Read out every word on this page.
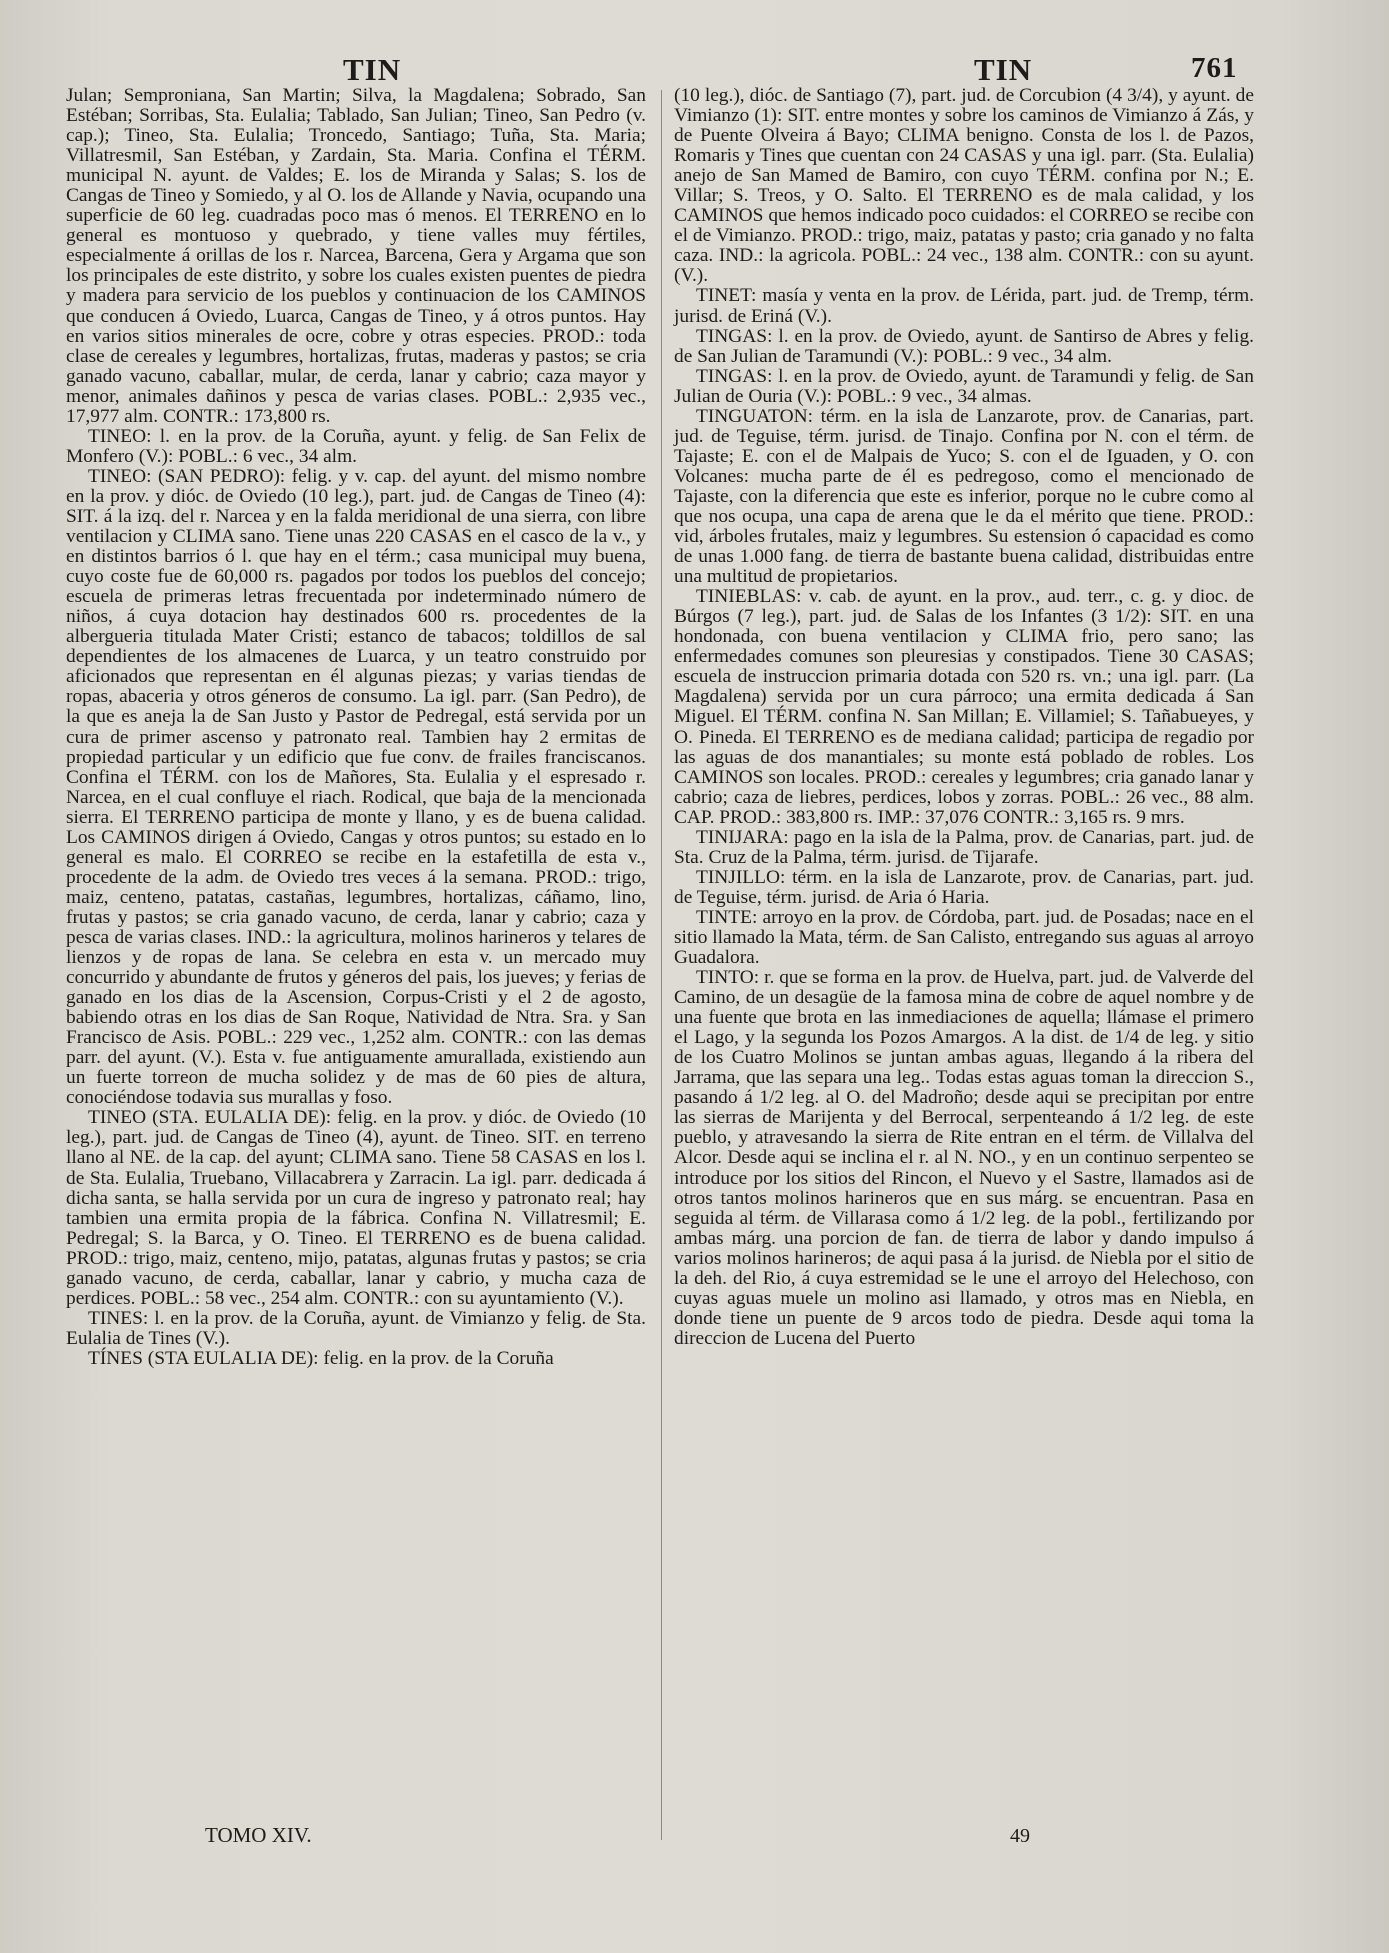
TIN	TIN	761

Julan; Semproniana, San Martin; Silva, la Magdalena; Sobrado, San Estéban; Sorribas, Sta. Eulalia; Tablado, San Julian; Tineo, San Pedro (v. cap.); Tineo, Sta. Eulalia; Troncedo, Santiago; Tuña, Sta. Maria; Villatresmil, San Estéban, y Zardain, Sta. Maria. Confina el TÉRM. municipal N. ayunt. de Valdes; E. los de Miranda y Salas; S. los de Cangas de Tineo y Somiedo, y al O. los de Allande y Navia, ocupando una superficie de 60 leg. cuadradas poco mas ó menos. El TERRENO en lo general es montuoso y quebrado, y tiene valles muy fértiles, especialmente á orillas de los r. Narcea, Barcena, Gera y Argama que son los principales de este distrito, y sobre los cuales existen puentes de piedra y madera para servicio de los pueblos y continuacion de los CAMINOS que conducen á Oviedo, Luarca, Cangas de Tineo, y á otros puntos. Hay en varios sitios minerales de ocre, cobre y otras especies. PROD.: toda clase de cereales y legumbres, hortalizas, frutas, maderas y pastos; se cria ganado vacuno, caballar, mular, de cerda, lanar y cabrio; caza mayor y menor, animales dañinos y pesca de varias clases. POBL.: 2,935 vec., 17,977 alm. CONTR.: 173,800 rs.

TINEO: l. en la prov. de la Coruña, ayunt. y felig. de San Felix de Monfero (V.): POBL.: 6 vec., 34 alm.

TINEO: (SAN PEDRO): felig. y v. cap. del ayunt. del mismo nombre en la prov. y dióc. de Oviedo (10 leg.), part. jud. de Cangas de Tineo (4): SIT. á la izq. del r. Narcea y en la falda meridional de una sierra, con libre ventilacion y CLIMA sano. Tiene unas 220 CASAS en el casco de la v., y en distintos barrios ó l. que hay en el térm.; casa municipal muy buena, cuyo coste fue de 60,000 rs. pagados por todos los pueblos del concejo; escuela de primeras letras frecuentada por indeterminado número de niños, á cuya dotacion hay destinados 600 rs. procedentes de la albergueria titulada Mater Cristi; estanco de tabacos; toldillos de sal dependientes de los almacenes de Luarca, y un teatro construido por aficionados que representan en él algunas piezas; y varias tiendas de ropas, abaceria y otros géneros de consumo. La igl. parr. (San Pedro), de la que es aneja la de San Justo y Pastor de Pedregal, está servida por un cura de primer ascenso y patronato real. Tambien hay 2 ermitas de propiedad particular y un edificio que fue conv. de frailes franciscanos. Confina el TÉRM. con los de Mañores, Sta. Eulalia y el espresado r. Narcea, en el cual confluye el riach. Rodical, que baja de la mencionada sierra. El TERRENO participa de monte y llano, y es de buena calidad. Los CAMINOS dirigen á Oviedo, Cangas y otros puntos; su estado en lo general es malo. El CORREO se recibe en la estafetilla de esta v., procedente de la adm. de Oviedo tres veces á la semana. PROD.: trigo, maiz, centeno, patatas, castañas, legumbres, hortalizas, cáñamo, lino, frutas y pastos; se cria ganado vacuno, de cerda, lanar y cabrio; caza y pesca de varias clases. IND.: la agricultura, molinos harineros y telares de lienzos y de ropas de lana. Se celebra en esta v. un mercado muy concurrido y abundante de frutos y géneros del pais, los jueves; y ferias de ganado en los dias de la Ascension, Corpus-Cristi y el 2 de agosto, babiendo otras en los dias de San Roque, Natividad de Ntra. Sra. y San Francisco de Asis. POBL.: 229 vec., 1,252 alm. CONTR.: con las demas parr. del ayunt. (V.). Esta v. fue antiguamente amurallada, existiendo aun un fuerte torreon de mucha solidez y de mas de 60 pies de altura, conociéndose todavia sus murallas y foso.

TINEO (STA. EULALIA DE): felig. en la prov. y dióc. de Oviedo (10 leg.), part. jud. de Cangas de Tineo (4), ayunt. de Tineo. SIT. en terreno llano al NE. de la cap. del ayunt; CLIMA sano. Tiene 58 CASAS en los l. de Sta. Eulalia, Truebano, Villacabrera y Zarracin. La igl. parr. dedicada á dicha santa, se halla servida por un cura de ingreso y patronato real; hay tambien una ermita propia de la fábrica. Confina N. Villatresmil; E. Pedregal; S. la Barca, y O. Tineo. El TERRENO es de buena calidad. PROD.: trigo, maiz, centeno, mijo, patatas, algunas frutas y pastos; se cria ganado vacuno, de cerda, caballar, lanar y cabrio, y mucha caza de perdices. POBL.: 58 vec., 254 alm. CONTR.: con su ayuntamiento (V.).

TINES: l. en la prov. de la Coruña, ayunt. de Vimianzo y felig. de Sta. Eulalia de Tines (V.).

TÍNES (STA EULALIA DE): felig. en la prov. de la Coruña

(10 leg.), dióc. de Santiago (7), part. jud. de Corcubion (4 3/4), y ayunt. de Vimianzo (1): SIT. entre montes y sobre los caminos de Vimianzo á Zás, y de Puente Olveira á Bayo; CLIMA benigno. Consta de los l. de Pazos, Romaris y Tines que cuentan con 24 CASAS y una igl. parr. (Sta. Eulalia) anejo de San Mamed de Bamiro, con cuyo TÉRM. confina por N.; E. Villar; S. Treos, y O. Salto. El TERRENO es de mala calidad, y los CAMINOS que hemos indicado poco cuidados: el CORREO se recibe con el de Vimianzo. PROD.: trigo, maiz, patatas y pasto; cria ganado y no falta caza. IND.: la agricola. POBL.: 24 vec., 138 alm. CONTR.: con su ayunt. (V.).

TINET: masía y venta en la prov. de Lérida, part. jud. de Tremp, térm. jurisd. de Eriná (V.).

TINGAS: l. en la prov. de Oviedo, ayunt. de Santirso de Abres y felig. de San Julian de Taramundi (V.): POBL.: 9 vec., 34 alm.

TINGAS: l. en la prov. de Oviedo, ayunt. de Taramundi y felig. de San Julian de Ouria (V.): POBL.: 9 vec., 34 almas.

TINGUATON: térm. en la isla de Lanzarote, prov. de Canarias, part. jud. de Teguise, térm. jurisd. de Tinajo. Confina por N. con el térm. de Tajaste; E. con el de Malpais de Yuco; S. con el de Iguaden, y O. con Volcanes: mucha parte de él es pedregoso, como el mencionado de Tajaste, con la diferencia que este es inferior, porque no le cubre como al que nos ocupa, una capa de arena que le da el mérito que tiene. PROD.: vid, árboles frutales, maiz y legumbres. Su estension ó capacidad es como de unas 1.000 fang. de tierra de bastante buena calidad, distribuidas entre una multitud de propietarios.

TINIEBLAS: v. cab. de ayunt. en la prov., aud. terr., c. g. y dioc. de Búrgos (7 leg.), part. jud. de Salas de los Infantes (3 1/2): SIT. en una hondonada, con buena ventilacion y CLIMA frio, pero sano; las enfermedades comunes son pleuresias y constipados. Tiene 30 CASAS; escuela de instruccion primaria dotada con 520 rs. vn.; una igl. parr. (La Magdalena) servida por un cura párroco; una ermita dedicada á San Miguel. El TÉRM. confina N. San Millan; E. Villamiel; S. Tañabueyes, y O. Pineda. El TERRENO es de mediana calidad; participa de regadio por las aguas de dos manantiales; su monte está poblado de robles. Los CAMINOS son locales. PROD.: cereales y legumbres; cria ganado lanar y cabrio; caza de liebres, perdices, lobos y zorras. POBL.: 26 vec., 88 alm. CAP. PROD.: 383,800 rs. IMP.: 37,076 CONTR.: 3,165 rs. 9 mrs.

TINIJARA: pago en la isla de la Palma, prov. de Canarias, part. jud. de Sta. Cruz de la Palma, térm. jurisd. de Tijarafe.

TINJILLO: térm. en la isla de Lanzarote, prov. de Canarias, part. jud. de Teguise, térm. jurisd. de Aria ó Haria.

TINTE: arroyo en la prov. de Córdoba, part. jud. de Posadas; nace en el sitio llamado la Mata, térm. de San Calisto, entregando sus aguas al arroyo Guadalora.

TINTO: r. que se forma en la prov. de Huelva, part. jud. de Valverde del Camino, de un desagüe de la famosa mina de cobre de aquel nombre y de una fuente que brota en las inmediaciones de aquella; llámase el primero el Lago, y la segunda los Pozos Amargos. A la dist. de 1/4 de leg. y sitio de los Cuatro Molinos se juntan ambas aguas, llegando á la ribera del Jarrama, que las separa una leg.. Todas estas aguas toman la direccion S., pasando á 1/2 leg. al O. del Madroño; desde aqui se precipitan por entre las sierras de Marijenta y del Berrocal, serpenteando á 1/2 leg. de este pueblo, y atravesando la sierra de Rite entran en el térm. de Villalva del Alcor. Desde aqui se inclina el r. al N. NO., y en un continuo serpenteo se introduce por los sitios del Rincon, el Nuevo y el Sastre, llamados asi de otros tantos molinos harineros que en sus márg. se encuentran. Pasa en seguida al térm. de Villarasa como á 1/2 leg. de la pobl., fertilizando por ambas márg. una porcion de fan. de tierra de labor y dando impulso á varios molinos harineros; de aqui pasa á la jurisd. de Niebla por el sitio de la deh. del Rio, á cuya estremidad se le une el arroyo del Helechoso, con cuyas aguas muele un molino asi llamado, y otros mas en Niebla, en donde tiene un puente de 9 arcos todo de piedra. Desde aqui toma la direccion de Lucena del Puerto

TOMO XIV.	49
